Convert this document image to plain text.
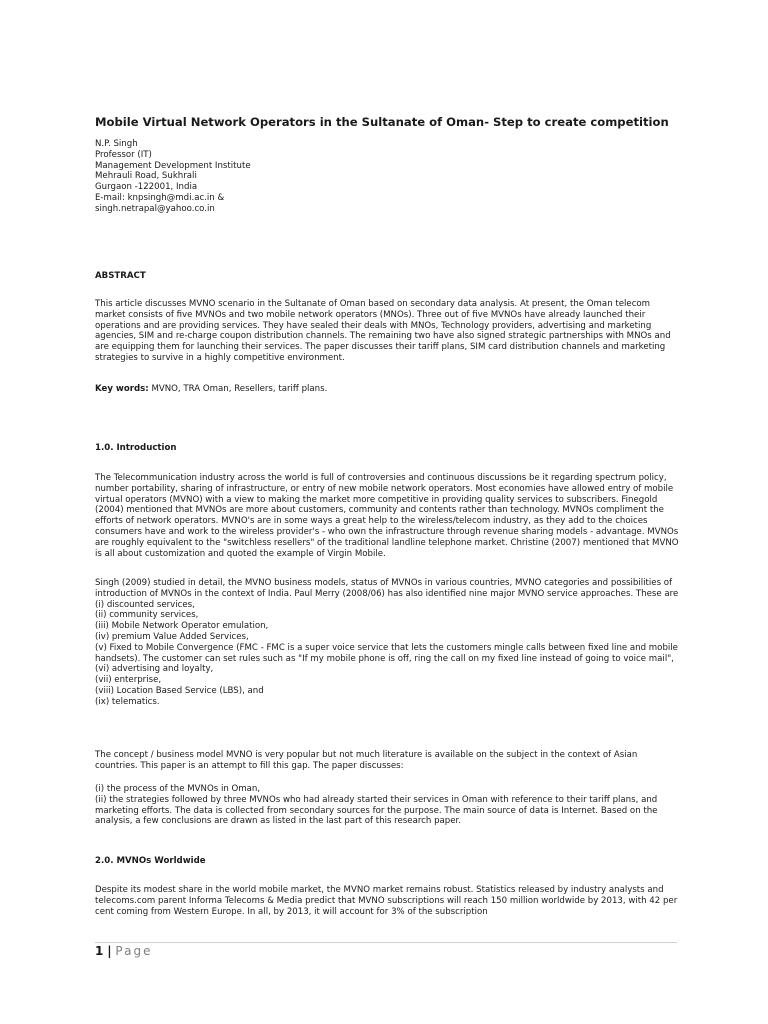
Mobile Virtual Network Operators in the Sultanate of Oman- Step to create competition
N.P. Singh
Professor (IT)
Management Development Institute
Mehrauli Road, Sukhrali
Gurgaon -122001, India
E-mail: knpsingh@mdi.ac.in &
singh.netrapal@yahoo.co.in
ABSTRACT

This article discusses MVNO scenario in the Sultanate of Oman based on secondary data analysis. At present, the Oman telecom market consists of five MVNOs and two mobile network operators (MNOs). Three out of five MVNOs have already launched their operations and are providing services. They have sealed their deals with MNOs, Technology providers, advertising and marketing agencies, SIM and re-charge coupon distribution channels. The remaining two have also signed strategic partnerships with MNOs and are equipping them for launching their services. The paper discusses their tariff plans, SIM card distribution channels and marketing strategies to survive in a highly competitive environment.

Key words: MVNO, TRA Oman, Resellers, tariff plans.
1.0. Introduction

The Telecommunication industry across the world is full of controversies and continuous discussions be it regarding spectrum policy, number portability, sharing of infrastructure, or entry of new mobile network operators. Most economies have allowed entry of mobile virtual operators (MVNO) with a view to making the market more competitive in providing quality services to subscribers. Finegold (2004) mentioned that MVNOs are more about customers, community and contents rather than technology. MVNOs compliment the efforts of network operators. MVNO's are in some ways a great help to the wireless/telecom industry, as they add to the choices consumers have and work to the wireless provider's - who own the infrastructure through revenue sharing models - advantage. MVNOs are roughly equivalent to the "switchless resellers" of the traditional landline telephone market. Christine (2007) mentioned that MVNO is all about customization and quoted the example of Virgin Mobile.

Singh (2009) studied in detail, the MVNO business models, status of MVNOs in various countries, MVNO categories and possibilities of introduction of MVNOs in the context of India. Paul Merry (2008/06) has also identified nine major MVNO service approaches. These are

(i) discounted services,
(ii) community services,
(iii) Mobile Network Operator emulation,
(iv) premium Value Added Services,
(v) Fixed to Mobile Convergence (FMC - FMC is a super voice service that lets the customers mingle calls between fixed line and mobile handsets). The customer can set rules such as "If my mobile phone is off, ring the call on my fixed line instead of going to voice mail",
(vi) advertising and loyalty,
(vii) enterprise,
(viii) Location Based Service (LBS), and
(ix) telematics.

The concept / business model MVNO is very popular but not much literature is available on the subject in the context of Asian countries. This paper is an attempt to fill this gap. The paper discusses:

(i) the process of the MVNOs in Oman,
(ii) the strategies followed by three MVNOs who had already started their services in Oman with reference to their tariff plans, and marketing efforts. The data is collected from secondary sources for the purpose. The main source of data is Internet. Based on the analysis, a few conclusions are drawn as listed in the last part of this research paper.
2.0. MVNOs Worldwide

Despite its modest share in the world mobile market, the MVNO market remains robust. Statistics released by industry analysts and telecoms.com parent Informa Telecoms & Media predict that MVNO subscriptions will reach 150 million worldwide by 2013, with 42 per cent coming from Western Europe. In all, by 2013, it will account for 3% of the subscription

1 | Page
